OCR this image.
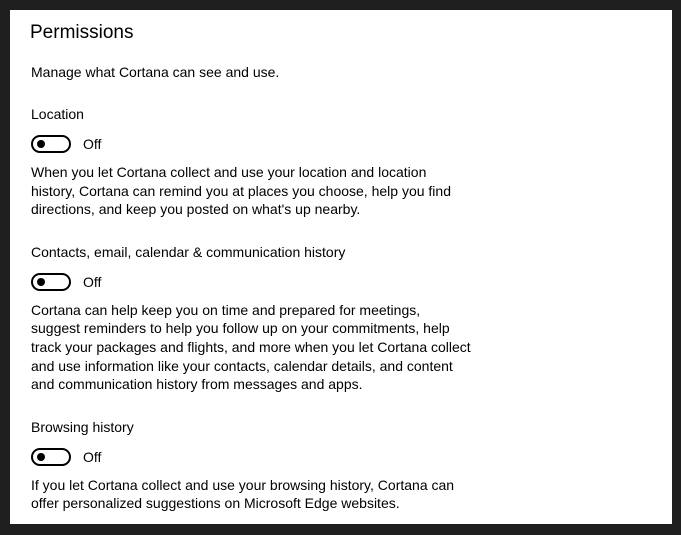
Permissions

Manage what Cortana can see and use.

Location

Off

When you let Cortana collect and use your location and location history, Cortana can remind you at places you choose, help you find directions, and keep you posted on what's up nearby.

Contacts, email, calendar & communication history

Off

Cortana can help keep you on time and prepared for meetings, suggest reminders to help you follow up on your commitments, help track your packages and flights, and more when you let Cortana collect and use information like your contacts, calendar details, and content and communication history from messages and apps.

Browsing history

Off

If you let Cortana collect and use your browsing history, Cortana can offer personalized suggestions on Microsoft Edge websites.
